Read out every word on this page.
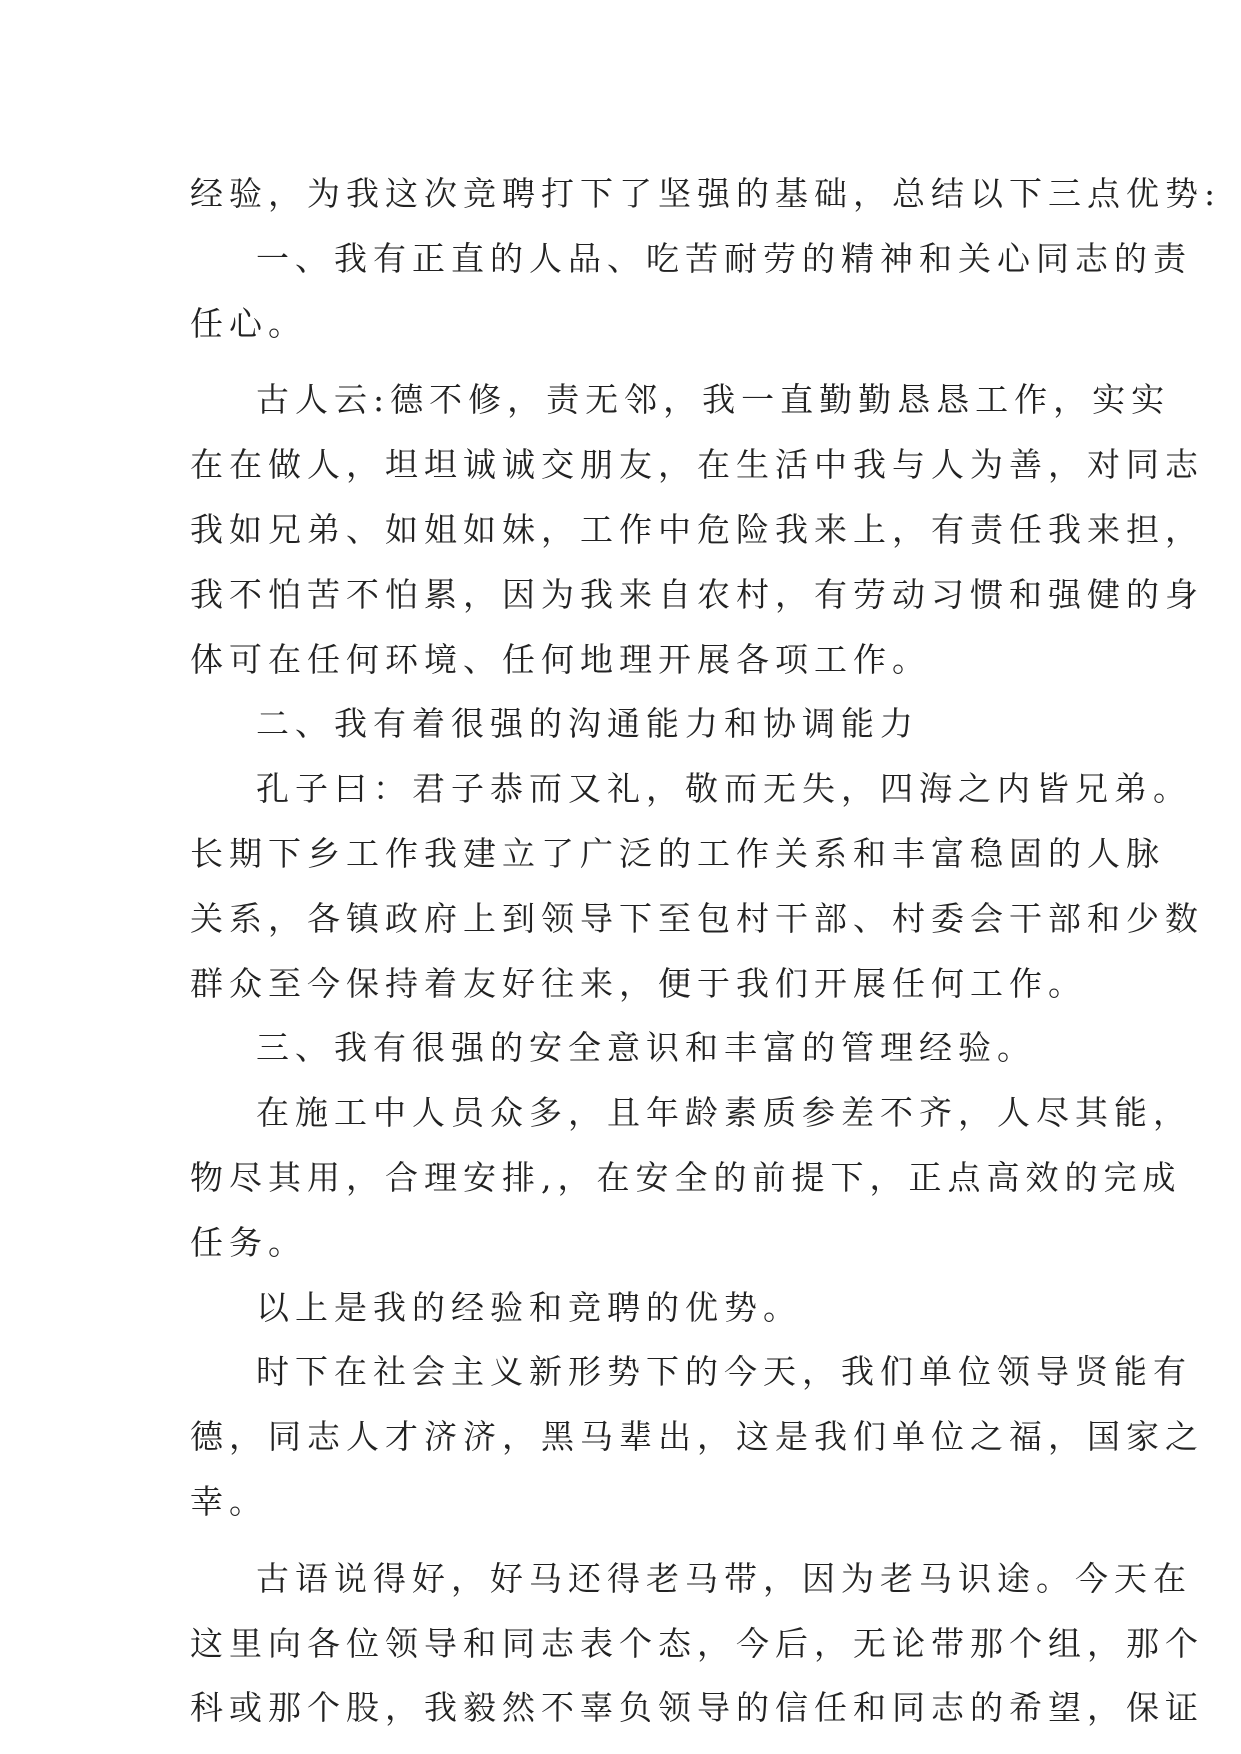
经验，为我这次竞聘打下了坚强的基础，总结以下三点优势:
一、我有正直的人品、吃苦耐劳的精神和关心同志的责
任心。
古人云:德不修，责无邻，我一直勤勤恳恳工作，实实
在在做人，坦坦诚诚交朋友，在生活中我与人为善，对同志
我如兄弟、如姐如妹，工作中危险我来上，有责任我来担，
我不怕苦不怕累，因为我来自农村，有劳动习惯和强健的身
体可在任何环境、任何地理开展各项工作。
二、我有着很强的沟通能力和协调能力
孔子曰：君子恭而又礼，敬而无失，四海之内皆兄弟。
长期下乡工作我建立了广泛的工作关系和丰富稳固的人脉
关系，各镇政府上到领导下至包村干部、村委会干部和少数
群众至今保持着友好往来，便于我们开展任何工作。
三、我有很强的安全意识和丰富的管理经验。
在施工中人员众多，且年龄素质参差不齐，人尽其能，
物尽其用，合理安排,，在安全的前提下，正点高效的完成
任务。
以上是我的经验和竞聘的优势。
时下在社会主义新形势下的今天，我们单位领导贤能有
德，同志人才济济，黑马辈出，这是我们单位之福，国家之
幸。
古语说得好，好马还得老马带，因为老马识途。今天在
这里向各位领导和同志表个态，今后，无论带那个组，那个
科或那个股，我毅然不辜负领导的信任和同志的希望，保证
